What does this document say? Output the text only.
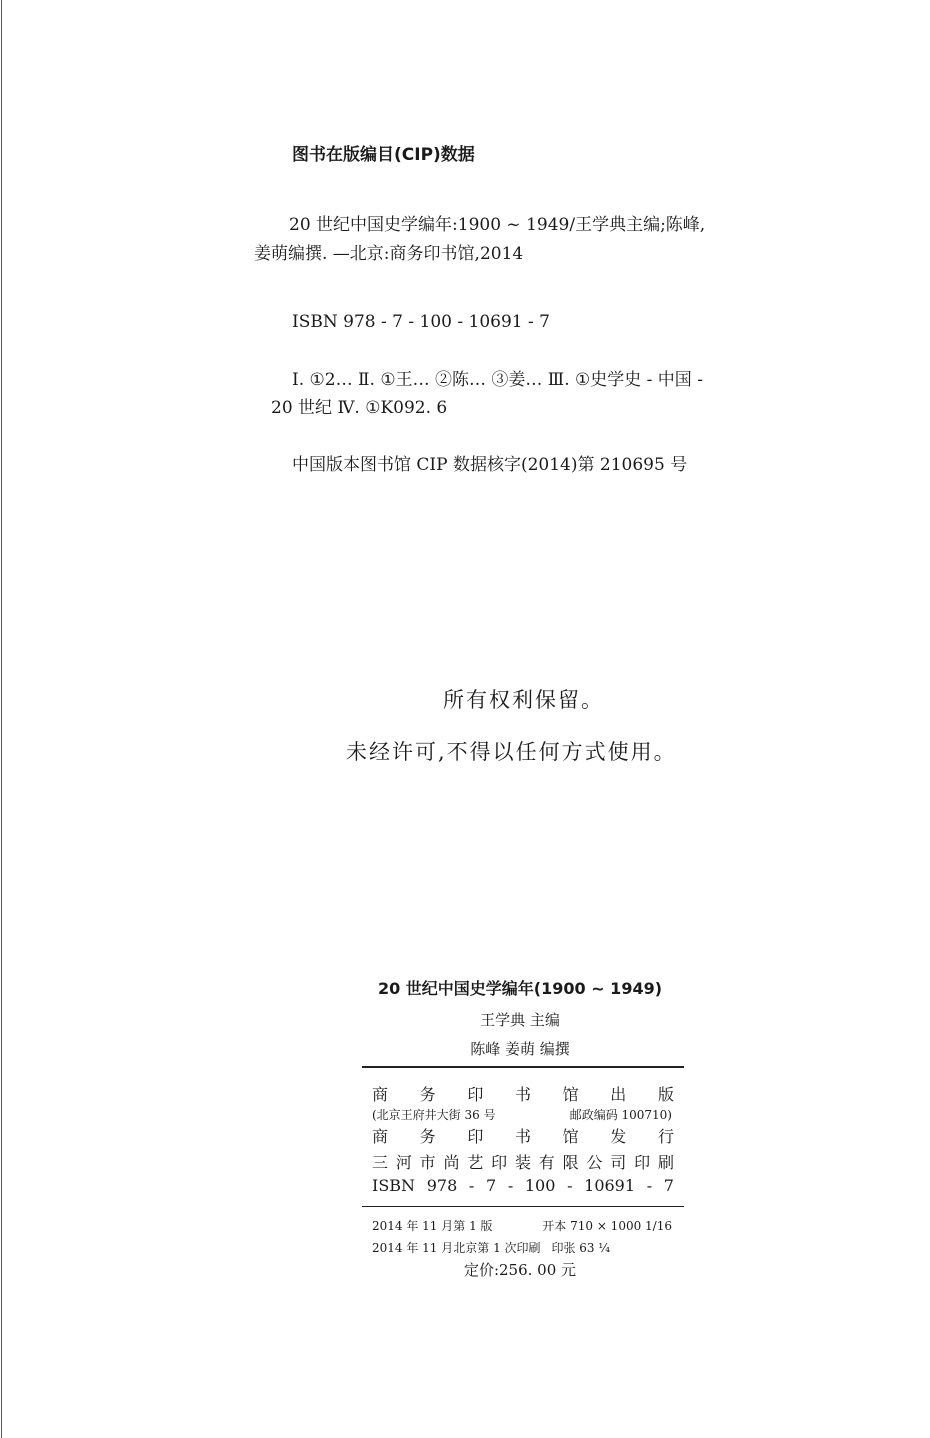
图书在版编目(CIP)数据
20 世纪中国史学编年:1900 ~ 1949/王学典主编;陈峰,
姜萌编撰. —北京:商务印书馆,2014
ISBN 978 - 7 - 100 - 10691 - 7
Ⅰ. ①2… Ⅱ. ①王… ②陈… ③姜… Ⅲ. ①史学史 - 中国 -
20 世纪 Ⅳ. ①K092. 6
中国版本图书馆 CIP 数据核字(2014)第 210695 号
所有权利保留。
未经许可,不得以任何方式使用。
20 世纪中国史学编年(1900 ~ 1949)
王学典 主编
陈峰 姜萌 编撰
商 务 印 书 馆 出 版
(北京王府井大街 36 号	邮政编码 100710)
商 务 印 书 馆 发 行
三 河 市 尚 艺 印 装 有 限 公 司 印 刷
ISBN 978 - 7 - 100 - 10691 - 7
2014 年 11 月第 1 版	开本 710 × 1000 1/16
2014 年 11 月北京第 1 次印刷 印张 63 ¼
定价:256. 00 元
